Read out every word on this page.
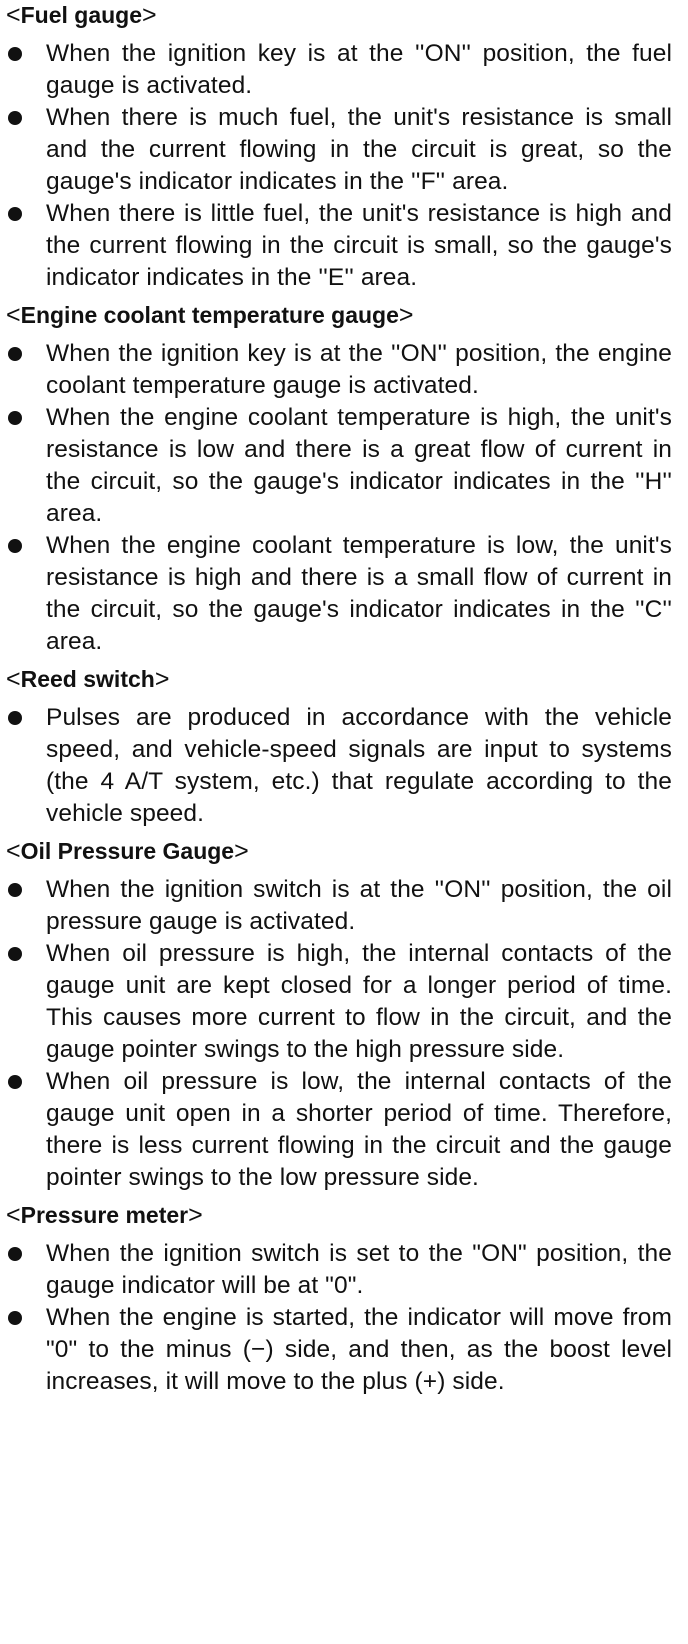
<Fuel gauge>
When the ignition key is at the ''ON'' position, the fuel gauge is activated.
When there is much fuel, the unit's resistance is small and the current flowing in the circuit is great, so the gauge's indicator indicates in the ''F'' area.
When there is little fuel, the unit's resistance is high and the current flowing in the circuit is small, so the gauge's indicator indicates in the ''E'' area.
<Engine coolant temperature gauge>
When the ignition key is at the ''ON'' position, the engine coolant temperature gauge is activated.
When the engine coolant temperature is high, the unit's resistance is low and there is a great flow of current in the circuit, so the gauge's indicator indicates in the ''H'' area.
When the engine coolant temperature is low, the unit's resistance is high and there is a small flow of current in the circuit, so the gauge's indicator indicates in the ''C'' area.
<Reed switch>
Pulses are produced in accordance with the vehicle speed, and vehicle-speed signals are input to systems (the 4 A/T system, etc.) that regulate according to the vehicle speed.
<Oil Pressure Gauge>
When the ignition switch is at the ''ON'' position, the oil pressure gauge is activated.
When oil pressure is high, the internal contacts of the gauge unit are kept closed for a longer period of time. This causes more current to flow in the circuit, and the gauge pointer swings to the high pressure side.
When oil pressure is low, the internal contacts of the gauge unit open in a shorter period of time. Therefore, there is less current flowing in the circuit and the gauge pointer swings to the low pressure side.
<Pressure meter>
When the ignition switch is set to the "ON" position, the gauge indicator will be at "0".
When the engine is started, the indicator will move from "0" to the minus (−) side, and then, as the boost level increases, it will move to the plus (+) side.
